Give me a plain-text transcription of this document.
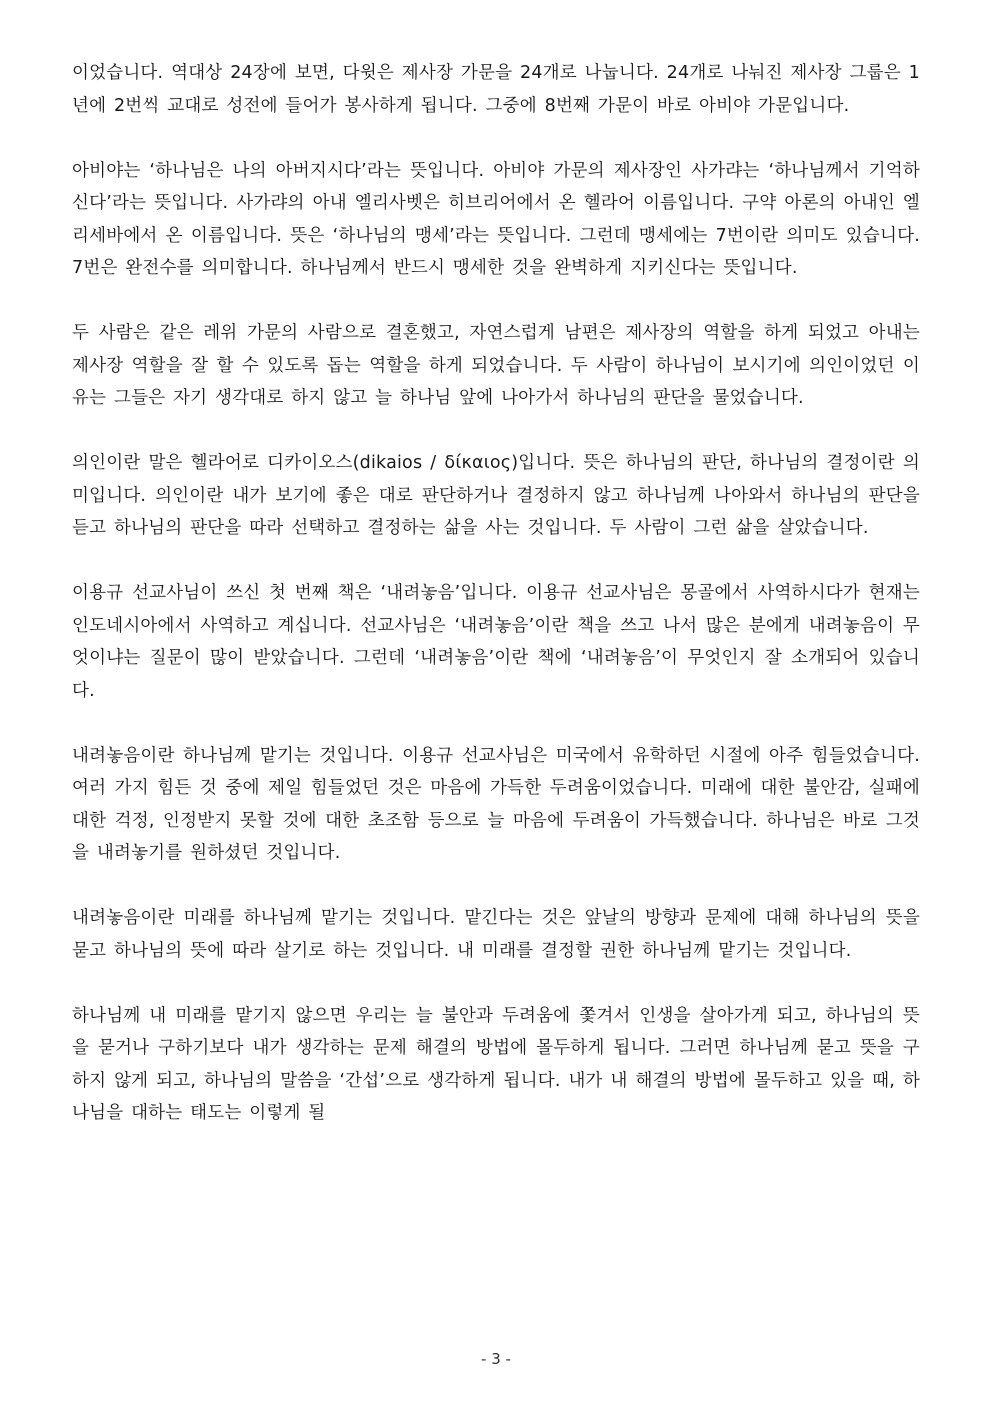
이었습니다. 역대상 24장에 보면, 다윗은 제사장 가문을 24개로 나눕니다. 24개로 나눠진 제사장 그룹은 1년에 2번씩 교대로 성전에 들어가 봉사하게 됩니다. 그중에 8번째 가문이 바로 아비야 가문입니다.

아비야는 ‘하나님은 나의 아버지시다’라는 뜻입니다. 아비야 가문의 제사장인 사가랴는 ‘하나님께서 기억하신다’라는 뜻입니다. 사가랴의 아내 엘리사벳은 히브리어에서 온 헬라어 이름입니다. 구약 아론의 아내인 엘리세바에서 온 이름입니다. 뜻은 ‘하나님의 맹세’라는 뜻입니다. 그런데 맹세에는 7번이란 의미도 있습니다. 7번은 완전수를 의미합니다. 하나님께서 반드시 맹세한 것을 완벽하게 지키신다는 뜻입니다.

두 사람은 같은 레위 가문의 사람으로 결혼했고, 자연스럽게 남편은 제사장의 역할을 하게 되었고 아내는 제사장 역할을 잘 할 수 있도록 돕는 역할을 하게 되었습니다. 두 사람이 하나님이 보시기에 의인이었던 이유는 그들은 자기 생각대로 하지 않고 늘 하나님 앞에 나아가서 하나님의 판단을 물었습니다.

의인이란 말은 헬라어로 디카이오스(dikaios / δίκαιος)입니다. 뜻은 하나님의 판단, 하나님의 결정이란 의미입니다. 의인이란 내가 보기에 좋은 대로 판단하거나 결정하지 않고 하나님께 나아와서 하나님의 판단을 듣고 하나님의 판단을 따라 선택하고 결정하는 삶을 사는 것입니다. 두 사람이 그런 삶을 살았습니다.

이용규 선교사님이 쓰신 첫 번째 책은 ‘내려놓음’입니다. 이용규 선교사님은 몽골에서 사역하시다가 현재는 인도네시아에서 사역하고 계십니다. 선교사님은 ‘내려놓음’이란 책을 쓰고 나서 많은 분에게 내려놓음이 무엇이냐는 질문이 많이 받았습니다. 그런데 ‘내려놓음’이란 책에 ‘내려놓음’이 무엇인지 잘 소개되어 있습니다.

내려놓음이란 하나님께 맡기는 것입니다. 이용규 선교사님은 미국에서 유학하던 시절에 아주 힘들었습니다. 여러 가지 힘든 것 중에 제일 힘들었던 것은 마음에 가득한 두려움이었습니다. 미래에 대한 불안감, 실패에 대한 걱정, 인정받지 못할 것에 대한 초조함 등으로 늘 마음에 두려움이 가득했습니다. 하나님은 바로 그것을 내려놓기를 원하셨던 것입니다.

내려놓음이란 미래를 하나님께 맡기는 것입니다. 맡긴다는 것은 앞날의 방향과 문제에 대해 하나님의 뜻을 묻고 하나님의 뜻에 따라 살기로 하는 것입니다. 내 미래를 결정할 권한 하나님께 맡기는 것입니다.

하나님께 내 미래를 맡기지 않으면 우리는 늘 불안과 두려움에 쫓겨서 인생을 살아가게 되고, 하나님의 뜻을 묻거나 구하기보다 내가 생각하는 문제 해결의 방법에 몰두하게 됩니다. 그러면 하나님께 묻고 뜻을 구하지 않게 되고, 하나님의 말씀을 ‘간섭’으로 생각하게 됩니다. 내가 내 해결의 방법에 몰두하고 있을 때, 하나님을 대하는 태도는 이렇게 될

- 3 -
